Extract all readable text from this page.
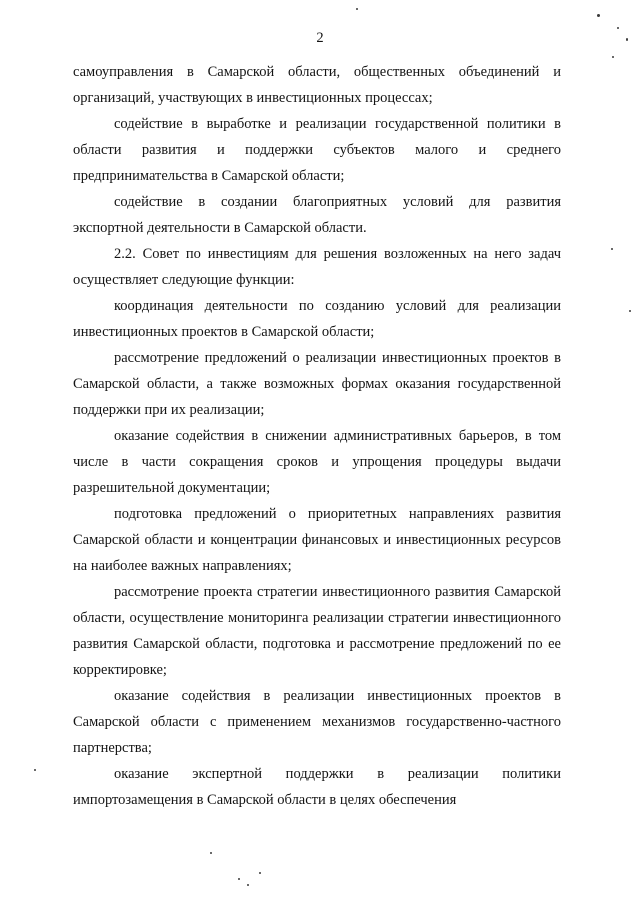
2

самоуправления в Самарской области, общественных объединений и организаций, участвующих в инвестиционных процессах;

содействие в выработке и реализации государственной политики в области развития и поддержки субъектов малого и среднего предпринимательства в Самарской области;

содействие в создании благоприятных условий для развития экспортной деятельности в Самарской области.

2.2. Совет по инвестициям для решения возложенных на него задач осуществляет следующие функции:

координация деятельности по созданию условий для реализации инвестиционных проектов в Самарской области;

рассмотрение предложений о реализации инвестиционных проектов в Самарской области, а также возможных формах оказания государственной поддержки при их реализации;

оказание содействия в снижении административных барьеров, в том числе в части сокращения сроков и упрощения процедуры выдачи разрешительной документации;

подготовка предложений о приоритетных направлениях развития Самарской области и концентрации финансовых и инвестиционных ресурсов на наиболее важных направлениях;

рассмотрение проекта стратегии инвестиционного развития Самарской области, осуществление мониторинга реализации стратегии инвестиционного развития Самарской области, подготовка и рассмотрение предложений по ее корректировке;

оказание содействия в реализации инвестиционных проектов в Самарской области с применением механизмов государственно-частного партнерства;

оказание экспертной поддержки в реализации политики импортозамещения в Самарской области в целях обеспечения
